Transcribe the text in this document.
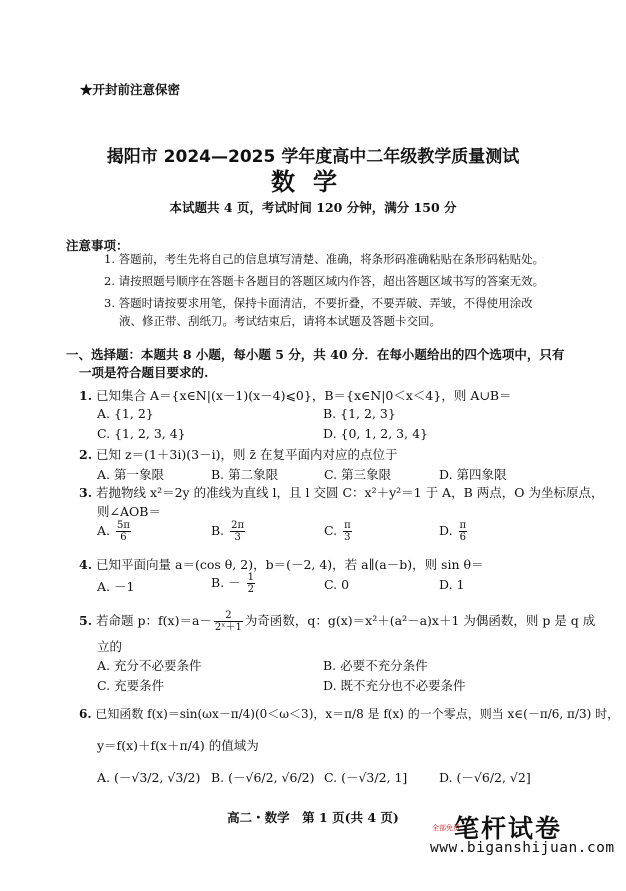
★开封前注意保密
揭阳市 2024—2025 学年度高中二年级教学质量测试
数学
本试题共 4 页，考试时间 120 分钟，满分 150 分
注意事项：
1. 答题前，考生先将自己的信息填写清楚、准确，将条形码准确粘贴在条形码粘贴处。
2. 请按照题号顺序在答题卡各题目的答题区域内作答，超出答题区域书写的答案无效。
3. 答题时请按要求用笔，保持卡面清洁，不要折叠，不要弄破、弄皱，不得使用涂改
液、修正带、刮纸刀。考试结束后，请将本试题及答题卡交回。
一、选择题：本题共 8 小题，每小题 5 分，共 40 分．在每小题给出的四个选项中，只有
一项是符合题目要求的.
1. 已知集合 A＝{x∈N|(x－1)(x－4)⩽0}，B＝{x∈N|0＜x＜4}，则 A∪B＝
A. {1, 2}	B. {1, 2, 3}
C. {1, 2, 3, 4}	D. {0, 1, 2, 3, 4}
2. 已知 z＝(1＋3i)(3－i)，则 z̄ 在复平面内对应的点位于
A. 第一象限	B. 第二象限	C. 第三象限	D. 第四象限
3. 若抛物线 x²＝2y 的准线为直线 l，且 l 交圆 C：x²＋y²＝1 于 A，B 两点，O 为坐标原点，
则∠AOB＝
A. $\frac{5\pi}{6}$	B. $\frac{2\pi}{3}$	C. $\frac{\pi}{3}$	D. $\frac{\pi}{6}$
4. 已知平面向量 a＝(cos θ, 2)，b＝(－2, 4)，若 a∥(a－b)，则 sin θ＝
A. －1	B. － $\frac{1}{2}$	C. 0	D. 1
5. 若命题 p：$f(x)=a- \frac{2}{\text{2ˣ＋1}}$ 为奇函数，q：g(x)＝x²＋(a²－a)x＋1 为偶函数，则 p 是 q 成
立的
A. 充分不必要条件	B. 必要不充分条件
C. 充要条件	D. 既不充分也不必要条件
6. 已知函数 f(x)＝sin(ωx－π/4)(0＜ω＜3)，x＝π/8 是 f(x) 的一个零点，则当 x∈(－π/6, π/3) 时，
y＝f(x)＋f(x＋π/4) 的值域为
A. (－√3/2, √3/2) B. (－√6/2, √6/2) C. (－√3/2, 1]	D. (－√6/2, √2]
高二・数学　第 1 页(共 4 页)
全部免费
笔杆试卷
www.biganshijuan.com
